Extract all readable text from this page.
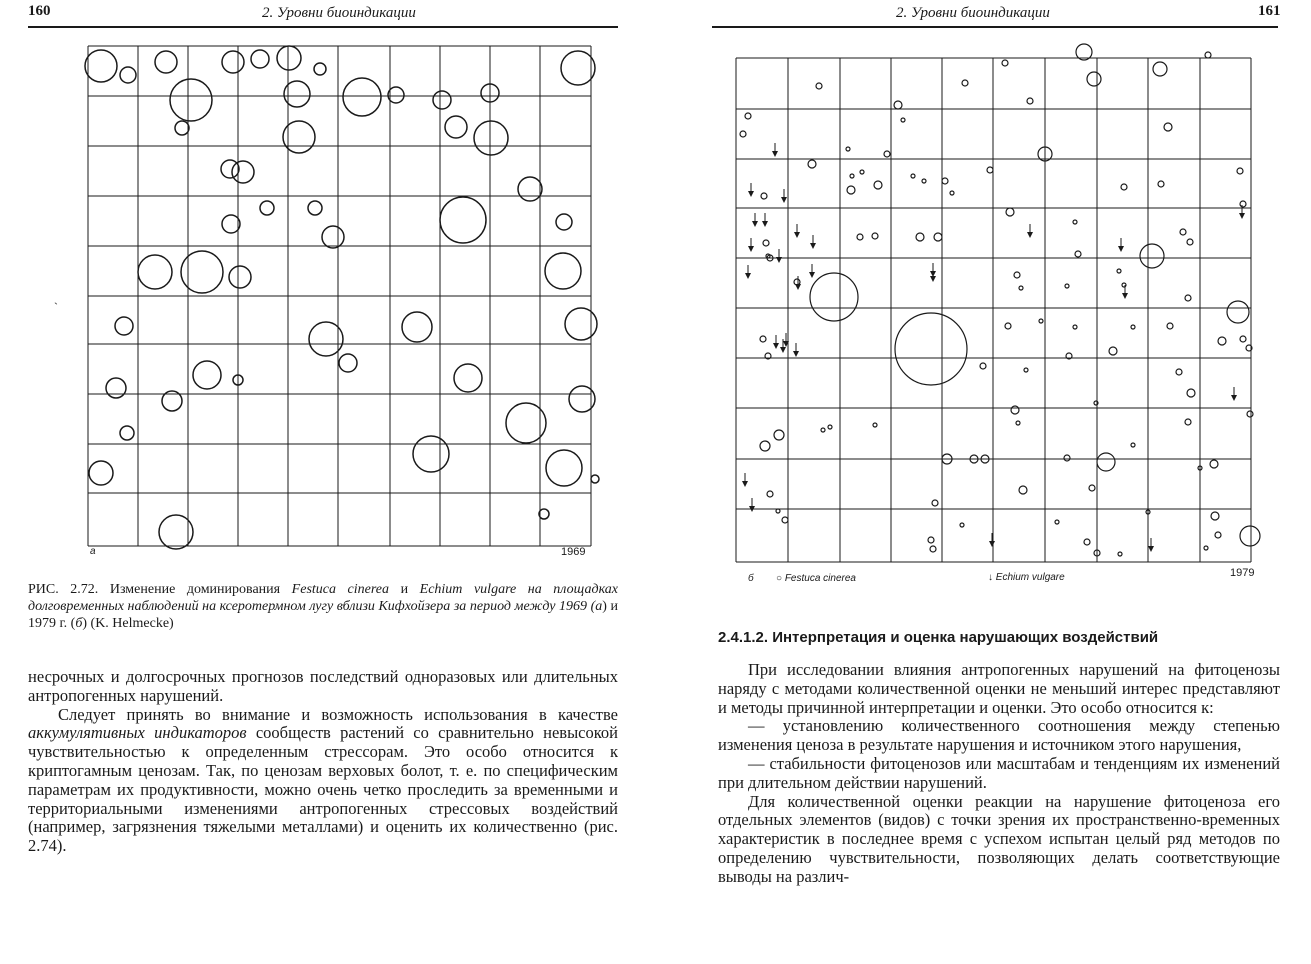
160	2. Уровни биоиндикации
ˏ
а	1969
РИС. 2.72. Изменение доминирования Festuca cinerea и Echium vulgare на площадках долговременных наблюдений на ксеротермном лугу вблизи Кифхойзера за период между 1969 (а) и 1979 г. (б) (K. Helmecke)

несрочных и долгосрочных прогнозов последствий одноразовых или длительных антропогенных нарушений.

Следует принять во внимание и возможность использования в качестве аккумулятивных индикаторов сообществ растений со сравнительно невысокой чувствительностью к определенным стрессорам. Это особо относится к криптогамным ценозам. Так, по ценозам верховых болот, т. е. по специфическим параметрам их продуктивности, можно очень четко проследить за временными и территориальными изменениями антропогенных стрессовых воздействий (например, загрязнения тяжелыми металлами) и оценить их количественно (рис. 2.74).

2. Уровни биоиндикации	161
б ○ Festuca cinerea	↓ Echium vulgare	1979
2.4.1.2. Интерпретация и оценка нарушающих воздействий

При исследовании влияния антропогенных нарушений на фитоценозы наряду с методами количественной оценки не меньший интерес представляют и методы причинной интерпретации и оценки. Это особо относится к:

— установлению количественного соотношения между степенью изменения ценоза в результате нарушения и источником этого нарушения,

— стабильности фитоценозов или масштабам и тенденциям их изменений при длительном действии нарушений.

Для количественной оценки реакции на нарушение фитоценоза его отдельных элементов (видов) с точки зрения их пространственно-временных характеристик в последнее время с успехом испытан целый ряд методов по определению чувствительности, позволяющих делать соответствующие выводы на различ-
